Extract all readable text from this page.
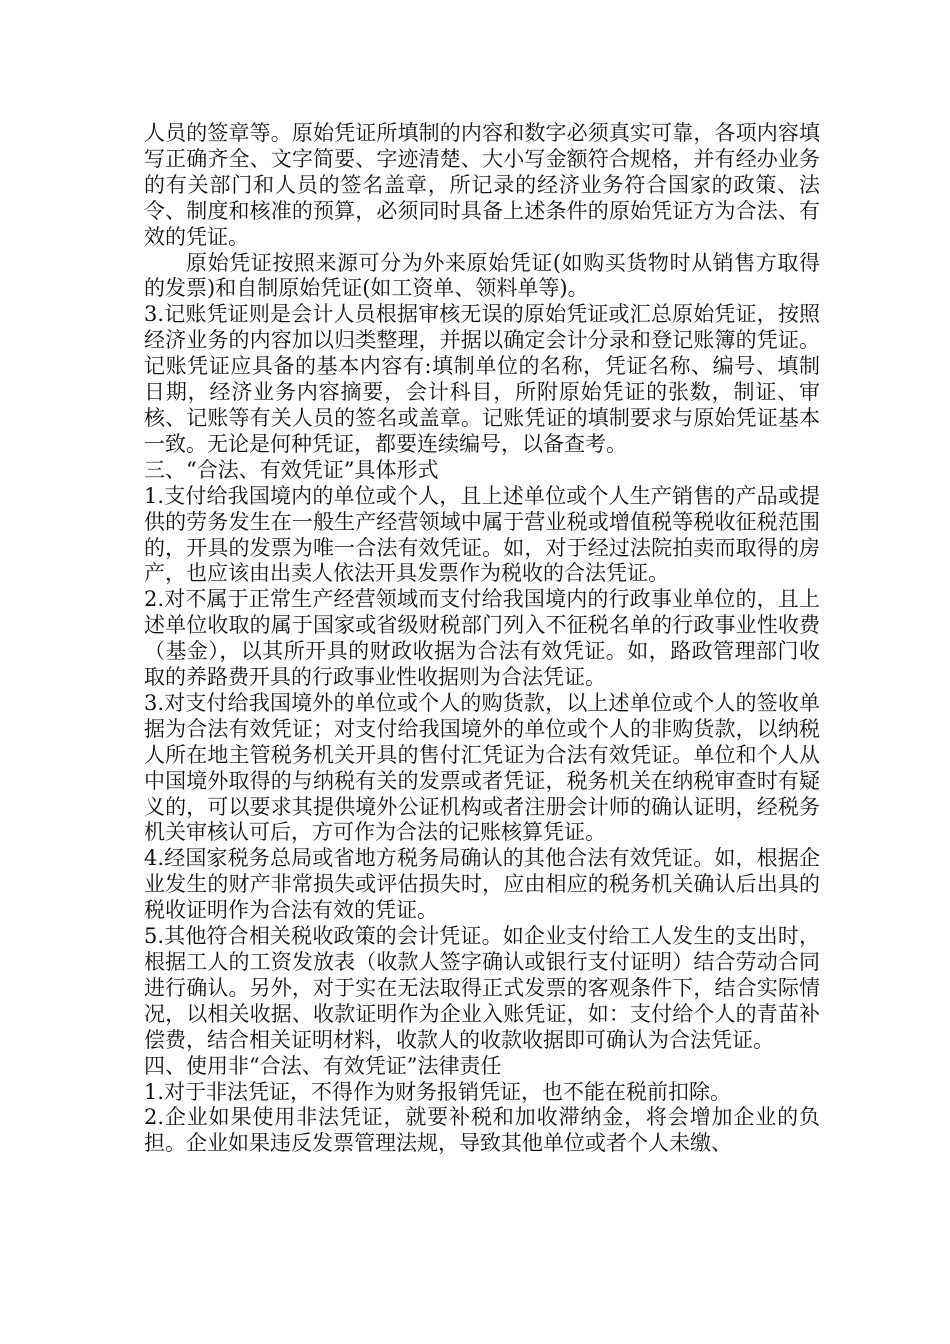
人员的签章等。原始凭证所填制的内容和数字必须真实可靠，各项内容填写正确齐全、文字简要、字迹清楚、大小写金额符合规格，并有经办业务的有关部门和人员的签名盖章，所记录的经济业务符合国家的政策、法令、制度和核准的预算，必须同时具备上述条件的原始凭证方为合法、有效的凭证。

原始凭证按照来源可分为外来原始凭证(如购买货物时从销售方取得的发票)和自制原始凭证(如工资单、领料单等)。

3.记账凭证则是会计人员根据审核无误的原始凭证或汇总原始凭证，按照经济业务的内容加以归类整理，并据以确定会计分录和登记账簿的凭证。记账凭证应具备的基本内容有:填制单位的名称，凭证名称、编号、填制日期，经济业务内容摘要，会计科目，所附原始凭证的张数，制证、审核、记账等有关人员的签名或盖章。记账凭证的填制要求与原始凭证基本一致。无论是何种凭证，都要连续编号，以备查考。

三、“合法、有效凭证”具体形式

1.支付给我国境内的单位或个人，且上述单位或个人生产销售的产品或提供的劳务发生在一般生产经营领域中属于营业税或增值税等税收征税范围的，开具的发票为唯一合法有效凭证。如，对于经过法院拍卖而取得的房产，也应该由出卖人依法开具发票作为税收的合法凭证。

2.对不属于正常生产经营领域而支付给我国境内的行政事业单位的，且上述单位收取的属于国家或省级财税部门列入不征税名单的行政事业性收费（基金），以其所开具的财政收据为合法有效凭证。如，路政管理部门收取的养路费开具的行政事业性收据则为合法凭证。

3.对支付给我国境外的单位或个人的购货款，以上述单位或个人的签收单据为合法有效凭证；对支付给我国境外的单位或个人的非购货款，以纳税人所在地主管税务机关开具的售付汇凭证为合法有效凭证。单位和个人从中国境外取得的与纳税有关的发票或者凭证，税务机关在纳税审查时有疑义的，可以要求其提供境外公证机构或者注册会计师的确认证明，经税务机关审核认可后，方可作为合法的记账核算凭证。

4.经国家税务总局或省地方税务局确认的其他合法有效凭证。如，根据企业发生的财产非常损失或评估损失时，应由相应的税务机关确认后出具的税收证明作为合法有效的凭证。

5.其他符合相关税收政策的会计凭证。如企业支付给工人发生的支出时，根据工人的工资发放表（收款人签字确认或银行支付证明）结合劳动合同进行确认。另外，对于实在无法取得正式发票的客观条件下，结合实际情况，以相关收据、收款证明作为企业入账凭证，如：支付给个人的青苗补偿费，结合相关证明材料，收款人的收款收据即可确认为合法凭证。

四、使用非“合法、有效凭证”法律责任

1.对于非法凭证，不得作为财务报销凭证，也不能在税前扣除。

2.企业如果使用非法凭证，就要补税和加收滞纳金，将会增加企业的负担。企业如果违反发票管理法规，导致其他单位或者个人未缴、
